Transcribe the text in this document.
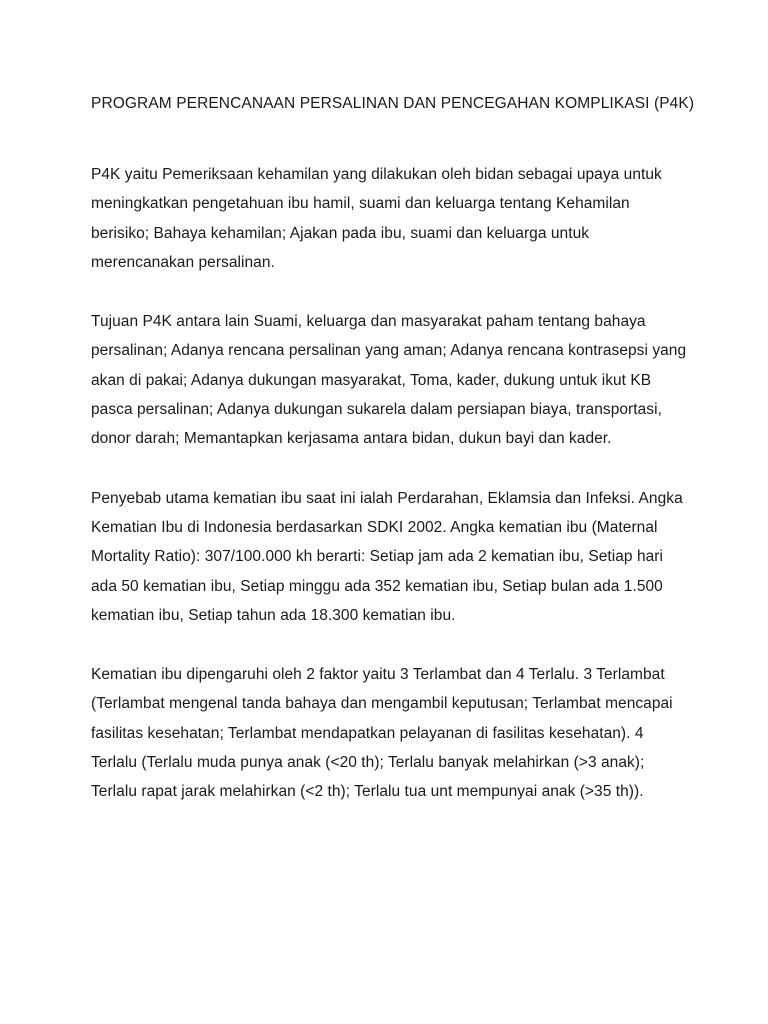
PROGRAM PERENCANAAN PERSALINAN DAN PENCEGAHAN KOMPLIKASI (P4K)

P4K yaitu Pemeriksaan kehamilan yang dilakukan oleh bidan sebagai upaya untuk meningkatkan pengetahuan ibu hamil, suami dan keluarga tentang Kehamilan berisiko; Bahaya kehamilan; Ajakan pada ibu, suami dan keluarga untuk merencanakan persalinan.

Tujuan P4K antara lain Suami, keluarga dan masyarakat paham tentang bahaya persalinan; Adanya rencana persalinan yang aman; Adanya rencana kontrasepsi yang akan di pakai; Adanya dukungan masyarakat, Toma, kader, dukung untuk ikut KB pasca persalinan; Adanya dukungan sukarela dalam persiapan biaya, transportasi, donor darah; Memantapkan kerjasama antara bidan, dukun bayi dan kader.

Penyebab utama kematian ibu saat ini ialah Perdarahan, Eklamsia dan Infeksi. Angka Kematian Ibu di Indonesia berdasarkan SDKI 2002. Angka kematian ibu (Maternal Mortality Ratio): 307/100.000 kh berarti: Setiap jam ada 2 kematian ibu, Setiap hari ada 50 kematian ibu, Setiap minggu ada 352 kematian ibu, Setiap bulan ada 1.500 kematian ibu, Setiap tahun ada 18.300 kematian ibu.

Kematian ibu dipengaruhi oleh 2 faktor yaitu 3 Terlambat dan 4 Terlalu. 3 Terlambat (Terlambat mengenal tanda bahaya dan mengambil keputusan; Terlambat mencapai fasilitas kesehatan; Terlambat mendapatkan pelayanan di fasilitas kesehatan). 4 Terlalu (Terlalu muda punya anak (<20 th); Terlalu banyak melahirkan (>3 anak); Terlalu rapat jarak melahirkan (<2 th); Terlalu tua unt mempunyai anak (>35 th)).
